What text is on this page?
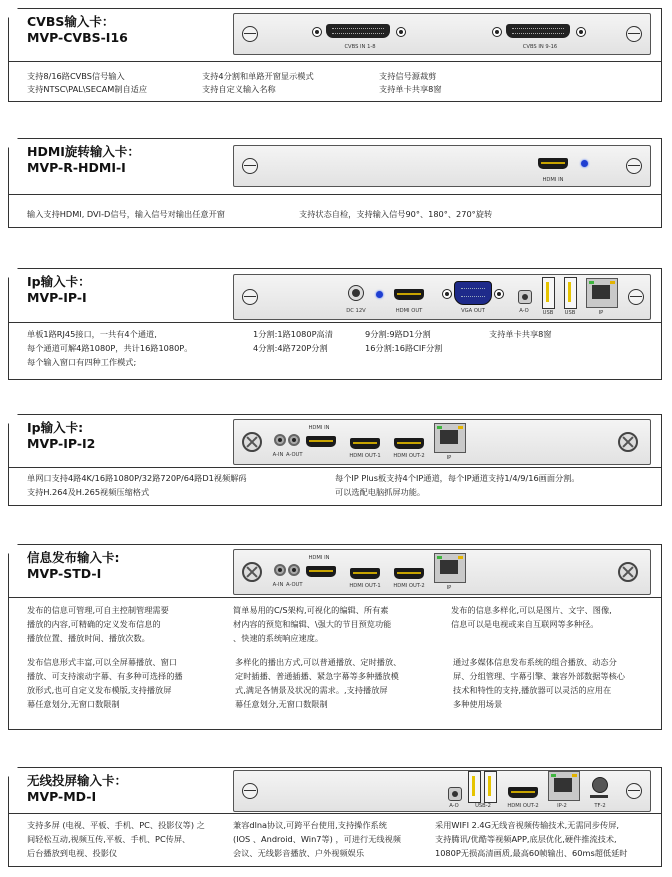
CVBS输入卡：
MVP-CVBS-I16
CVBS IN 1-8	CVBS IN 9-16
支持8/16路CVBS信号输入
支持NTSC\PAL\SECAM制自适应
支持4分割和单路开窗显示模式
支持自定义输入名称
支持信号源裁剪
支持单卡共享8窗
HDMI旋转输入卡：
MVP-R-HDMI-I
HDMI IN
输入支持HDMI, DVI-D信号，输入信号对输出任意开窗	支持状态自检，支持输入信号90°、180°、270°旋转
Ip输入卡：
MVP-IP-I
DC 12V	HDMI OUT	VGA OUT	A-O	USB	USB	IP
单板1路RJ45接口，一共有4个通道,
每个通道可解4路1080P，共计16路1080P。
每个输入窗口有四种工作模式;
1分割:1路1080P高清
4分割:4路720P分割
9分割:9路D1分割
16分割:16路CIF分割
支持单卡共享8窗
Ip输入卡:
MVP-IP-I2
A-IN A-OUT
HDMI IN
HDMI OUT-1	HDMI OUT-2	IP
单网口支持4路4K/16路1080P/32路720P/64路D1视频解码
支持H.264及H.265视频压缩格式
每个IP Plus板支持4个IP通道，每个IP通道支持1/4/9/16画面分割。
可以选配电脑抓屏功能。
信息发布输入卡:
MVP-STD-I
A-IN A-OUT
HDMI IN
HDMI OUT-1	HDMI OUT-2	IP
发布的信息可管理,可自主控制管理需要
播放的内容,可精确的定义发布信息的
播放位置、播放时间、播放次数。
简单易用的C/S架构,可视化的编辑、所有素
材内容的预览和编辑、\强大的节目预览功能
、快速的系统响应速度。
发布的信息多样化,可以是图片、文字、图像,
信息可以是电视或来自互联网等多种径。
发布信息形式丰富,可以全屏幕播放、窗口
播放、可支持滚动字幕、有多种可选择的播
放形式,也可自定义发布模版,支持播放屏
幕任意划分,无窗口数限制
多样化的播出方式,可以普通播放、定时播放、
定时插播、普通插播、紧急字幕等多种播放模
式,满足各情景及状况的需求。,支持播放屏
幕任意划分,无窗口数限制
通过多媒体信息发布系统的组合播放、动态分
屏、分组管理、字幕引擎、兼容外部数据等核心
技术和特性的支持,播放器可以灵活的应用在
多种使用场景
无线投屏输入卡：
MVP-MD-I
A-O	USB-2	HDMI OUT-2	IP-2	TF-2
支持多屏 (电视、平板、手机、PC、投影仪等) 之
间轻松互动,视频互传,平板、手机、PC传屏、
后台播放到电视、投影仪
兼容dlna协议,可跨平台使用,支持操作系统
(IOS 、Android、Win7等) ，可进行无线视频
会议、无线影音播放、户外视频娱乐
采用WIFI 2.4G无线音视频传输技术,无需同步传屏,
支持腾讯/优酷等视频APP,底层优化,硬件推流技术,
1080P无损高清画质,最高60帧输出、60ms超低延时
